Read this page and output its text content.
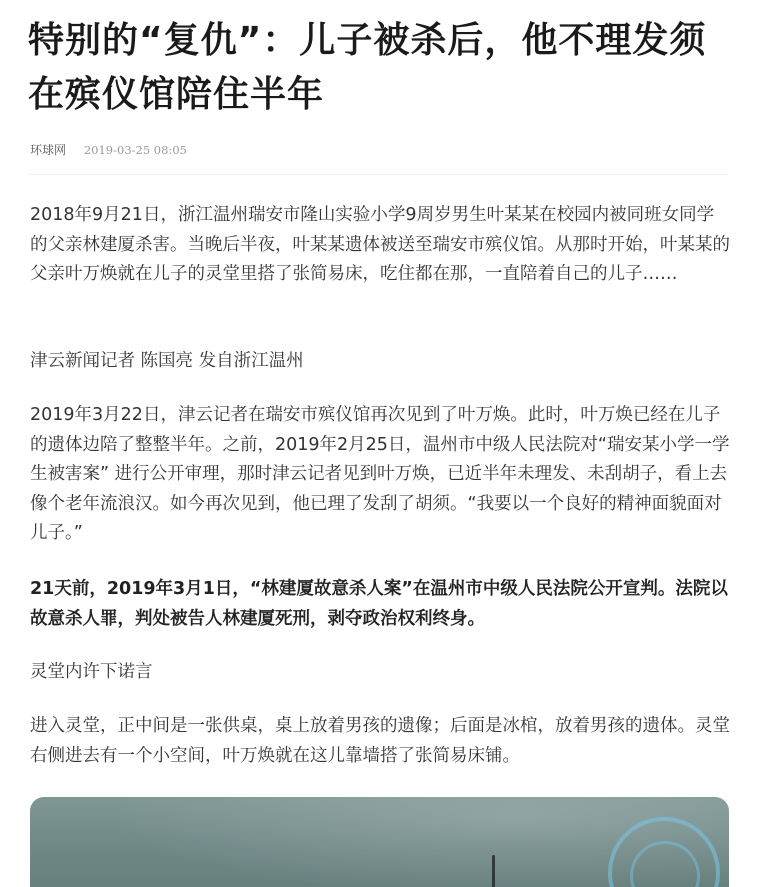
特别的“复仇”：儿子被杀后，他不理发须在殡仪馆陪住半年
环球网 2019-03-25 08:05

2018年9月21日，浙江温州瑞安市隆山实验小学9周岁男生叶某某在校园内被同班女同学的父亲林建厦杀害。当晚后半夜，叶某某遗体被送至瑞安市殡仪馆。从那时开始，叶某某的父亲叶万焕就在儿子的灵堂里搭了张简易床，吃住都在那，一直陪着自己的儿子……

津云新闻记者 陈国亮 发自浙江温州

2019年3月22日，津云记者在瑞安市殡仪馆再次见到了叶万焕。此时，叶万焕已经在儿子的遗体边陪了整整半年。之前，2019年2月25日，温州市中级人民法院对“瑞安某小学一学生被害案” 进行公开审理，那时津云记者见到叶万焕，已近半年未理发、未刮胡子，看上去像个老年流浪汉。如今再次见到，他已理了发刮了胡须。“我要以一个良好的精神面貌面对儿子。”

21天前，2019年3月1日，“林建厦故意杀人案”在温州市中级人民法院公开宣判。法院以故意杀人罪，判处被告人林建厦死刑，剥夺政治权利终身。

灵堂内许下诺言

进入灵堂，正中间是一张供桌，桌上放着男孩的遗像；后面是冰棺，放着男孩的遗体。灵堂右侧进去有一个小空间，叶万焕就在这儿靠墙搭了张简易床铺。
